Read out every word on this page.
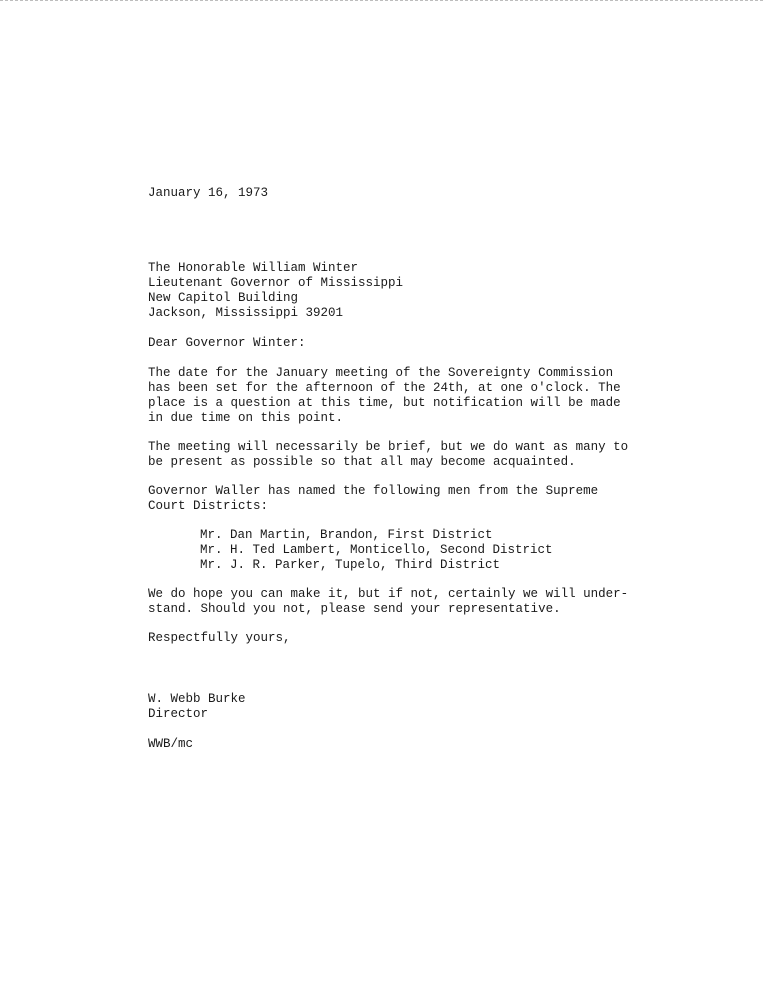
January 16, 1973
The Honorable William Winter
Lieutenant Governor of Mississippi
New Capitol Building
Jackson, Mississippi 39201
Dear Governor Winter:
The date for the January meeting of the Sovereignty Commission
has been set for the afternoon of the 24th, at one o'clock. The
place is a question at this time, but notification will be made
in due time on this point.
The meeting will necessarily be brief, but we do want as many to
be present as possible so that all may become acquainted.
Governor Waller has named the following men from the Supreme
Court Districts:
Mr. Dan Martin, Brandon, First District
Mr. H. Ted Lambert, Monticello, Second District
Mr. J. R. Parker, Tupelo, Third District
We do hope you can make it, but if not, certainly we will under-
stand. Should you not, please send your representative.
Respectfully yours,
W. Webb Burke
Director
WWB/mc
